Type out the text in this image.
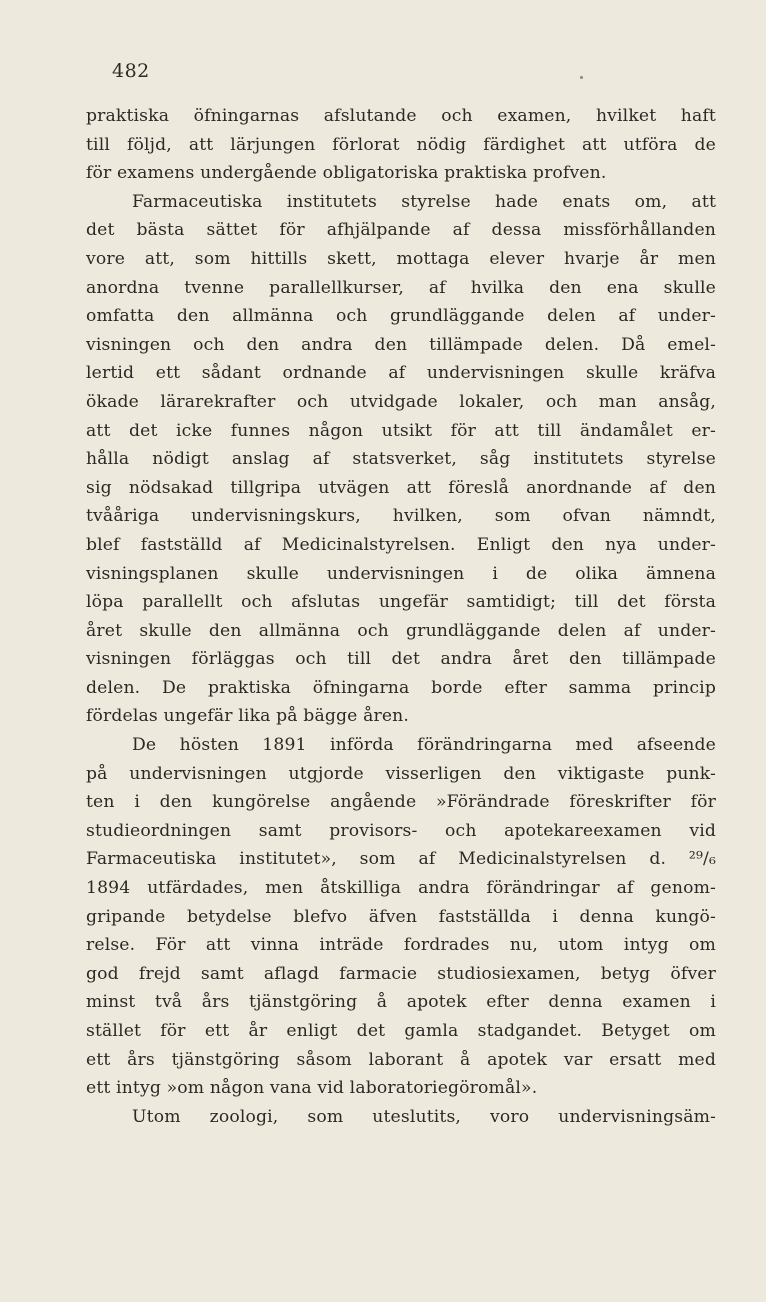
482
praktiska öfningarnas afslutande och examen, hvilket haft
till följd, att lärjungen förlorat nödig färdighet att utföra de
för examens undergående obligatoriska praktiska profven.
Farmaceutiska institutets styrelse hade enats om, att
det bästa sättet för afhjälpande af dessa missförhållanden
vore att, som hittills skett, mottaga elever hvarje år men
anordna tvenne parallellkurser, af hvilka den ena skulle
omfatta den allmänna och grundläggande delen af under-
visningen och den andra den tillämpade delen. Då emel-
lertid ett sådant ordnande af undervisningen skulle kräfva
ökade lärarekrafter och utvidgade lokaler, och man ansåg,
att det icke funnes någon utsikt för att till ändamålet er-
hålla nödigt anslag af statsverket, såg institutets styrelse
sig nödsakad tillgripa utvägen att föreslå anordnande af den
tvååriga undervisningskurs, hvilken, som ofvan nämndt,
blef fastställd af Medicinalstyrelsen. Enligt den nya under-
visningsplanen skulle undervisningen i de olika ämnena
löpa parallellt och afslutas ungefär samtidigt; till det första
året skulle den allmänna och grundläggande delen af under-
visningen förläggas och till det andra året den tillämpade
delen. De praktiska öfningarna borde efter samma princip
fördelas ungefär lika på bägge åren.
De hösten 1891 införda förändringarna med afseende
på undervisningen utgjorde visserligen den viktigaste punk-
ten i den kungörelse angående »Förändrade föreskrifter för
studieordningen samt provisors- och apotekareexamen vid
Farmaceutiska institutet», som af Medicinalstyrelsen d. ²⁹/₆
1894 utfärdades, men åtskilliga andra förändringar af genom-
gripande betydelse blefvo äfven fastställda i denna kungö-
relse. För att vinna inträde fordrades nu, utom intyg om
god frejd samt aflagd farmacie studiosiexamen, betyg öfver
minst två års tjänstgöring å apotek efter denna examen i
stället för ett år enligt det gamla stadgandet. Betyget om
ett års tjänstgöring såsom laborant å apotek var ersatt med
ett intyg »om någon vana vid laboratoriegöromål».
Utom zoologi, som uteslutits, voro undervisningsäm-
